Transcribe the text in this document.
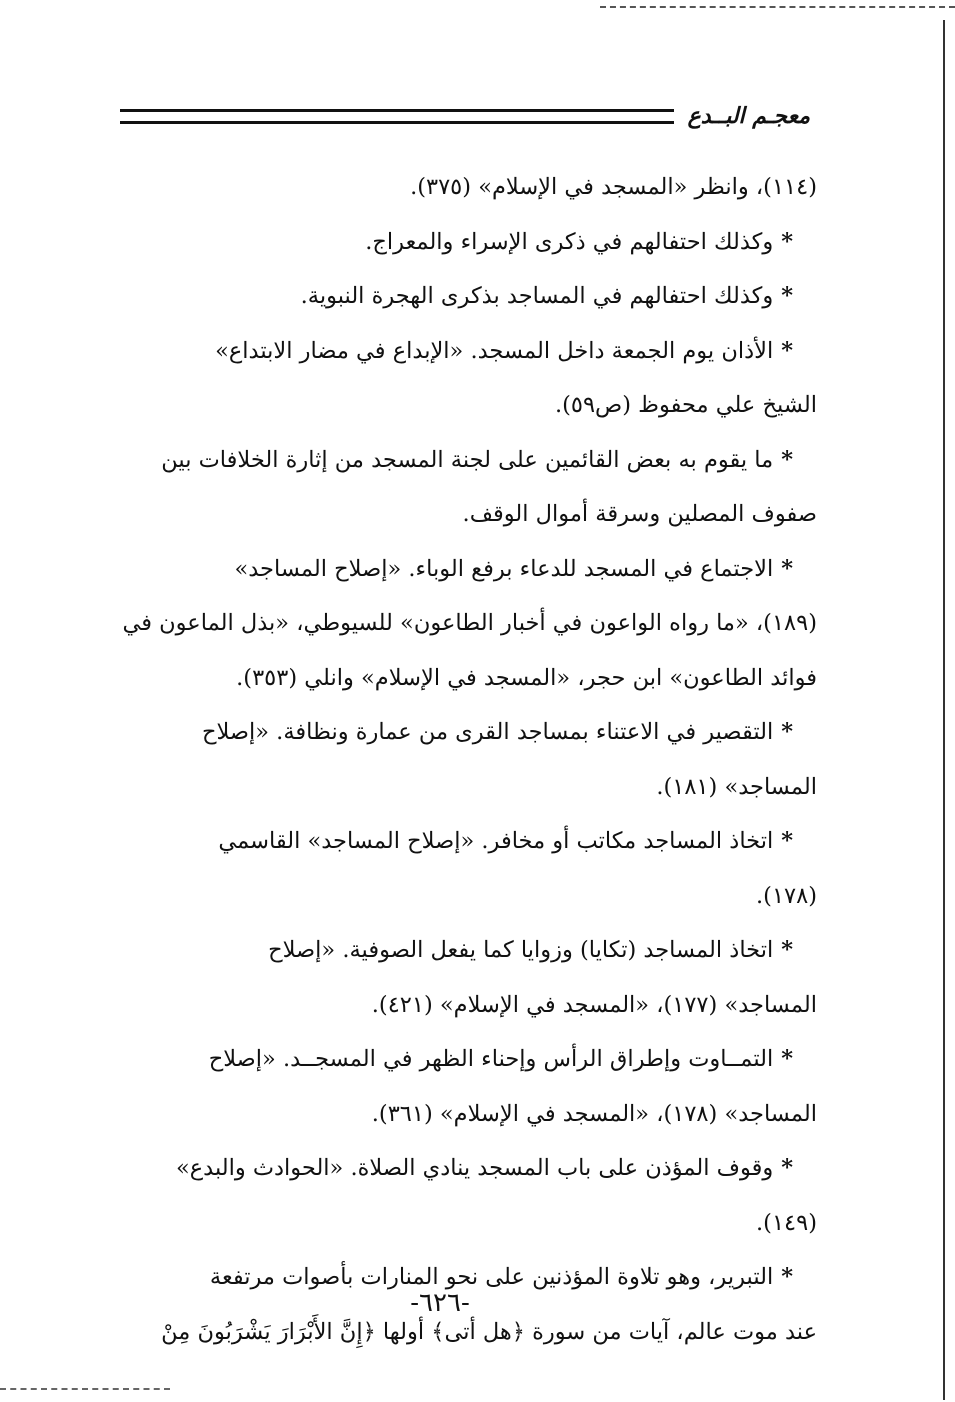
معجـم البــدع
(١١٤)، وانظر «المسجد في الإسلام» (٣٧٥).
*وكذلك احتفالهم في ذكرى الإسراء والمعراج.
*وكذلك احتفالهم في المساجد بذكرى الهجرة النبوية.
*الأذان يوم الجمعة داخل المسجد. «الإبداع في مضار الابتداع»
الشيخ علي محفوظ (ص٥٩).
*ما يقوم به بعض القائمين على لجنة المسجد من إثارة الخلافات بين
صفوف المصلين وسرقة أموال الوقف.
*الاجتماع في المسجد للدعاء برفع الوباء. «إصلاح المساجد»
(١٨٩)، «ما رواه الواعون في أخبار الطاعون» للسيوطي، «بذل الماعون في
فوائد الطاعون» ابن حجر، «المسجد في الإسلام» وانلي (٣٥٣).
*التقصير في الاعتناء بمساجد القرى من عمارة ونظافة. «إصلاح
المساجد» (١٨١).
*اتخاذ المساجد مكاتب أو مخافر. «إصلاح المساجد» القاسمي
(١٧٨).
*اتخاذ المساجد (تكايا) وزوايا كما يفعل الصوفية. «إصلاح
المساجد» (١٧٧)، «المسجد في الإسلام» (٤٢١).
*التمــاوت وإطراق الرأس وإحناء الظهر في المسجــد. «إصلاح
المساجد» (١٧٨)، «المسجد في الإسلام» (٣٦١).
*وقوف المؤذن على باب المسجد ينادي الصلاة. «الحوادث والبدع»
(١٤٩).
*التبرير، وهو تلاوة المؤذنين على نحو المنارات بأصوات مرتفعة
عند موت عالم، آيات من سورة ﴿هل أتى﴾ أولها ﴿إِنَّ الأَبْرَارَ يَشْرَبُونَ مِنْ
-٦٢٦-
